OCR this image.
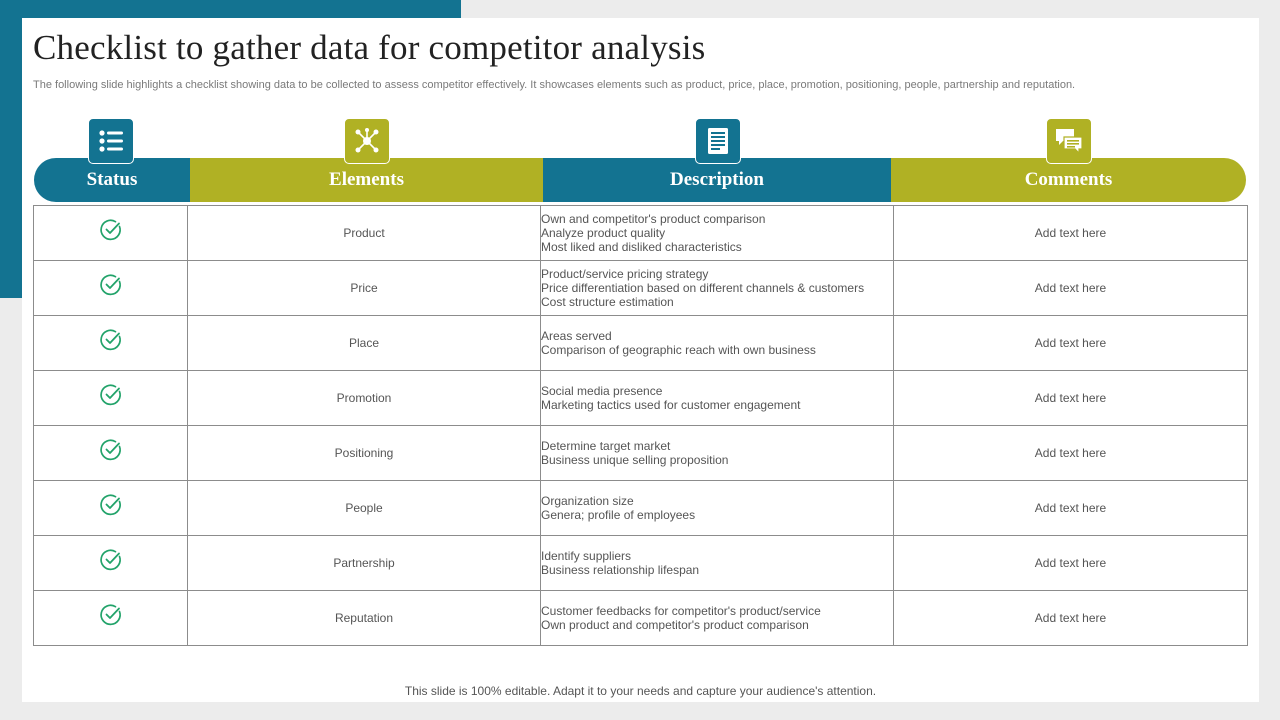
Checklist to gather data for competitor analysis

The following slide highlights a checklist showing data to be collected to assess competitor effectively. It showcases elements such as product, price, place, promotion, positioning, people, partnership and reputation.

Status	Elements	Description	Comments
	Product	Own and competitor's product comparison
Analyze product quality
Most liked and disliked characteristics	Add text here

	Price	Product/service pricing strategy
Price differentiation based on different channels & customers
Cost structure estimation	Add text here

	Place	Areas served
Comparison of geographic reach with own business	Add text here

	Promotion	Social media presence
Marketing tactics used for customer engagement	Add text here

	Positioning	Determine target market
Business unique selling proposition	Add text here

	People	Organization size
Genera; profile of employees	Add text here

	Partnership	Identify suppliers
Business relationship lifespan	Add text here

	Reputation	Customer feedbacks for competitor's product/service
Own product and competitor's product comparison	Add text here
This slide is 100% editable. Adapt it to your needs and capture your audience's attention.
